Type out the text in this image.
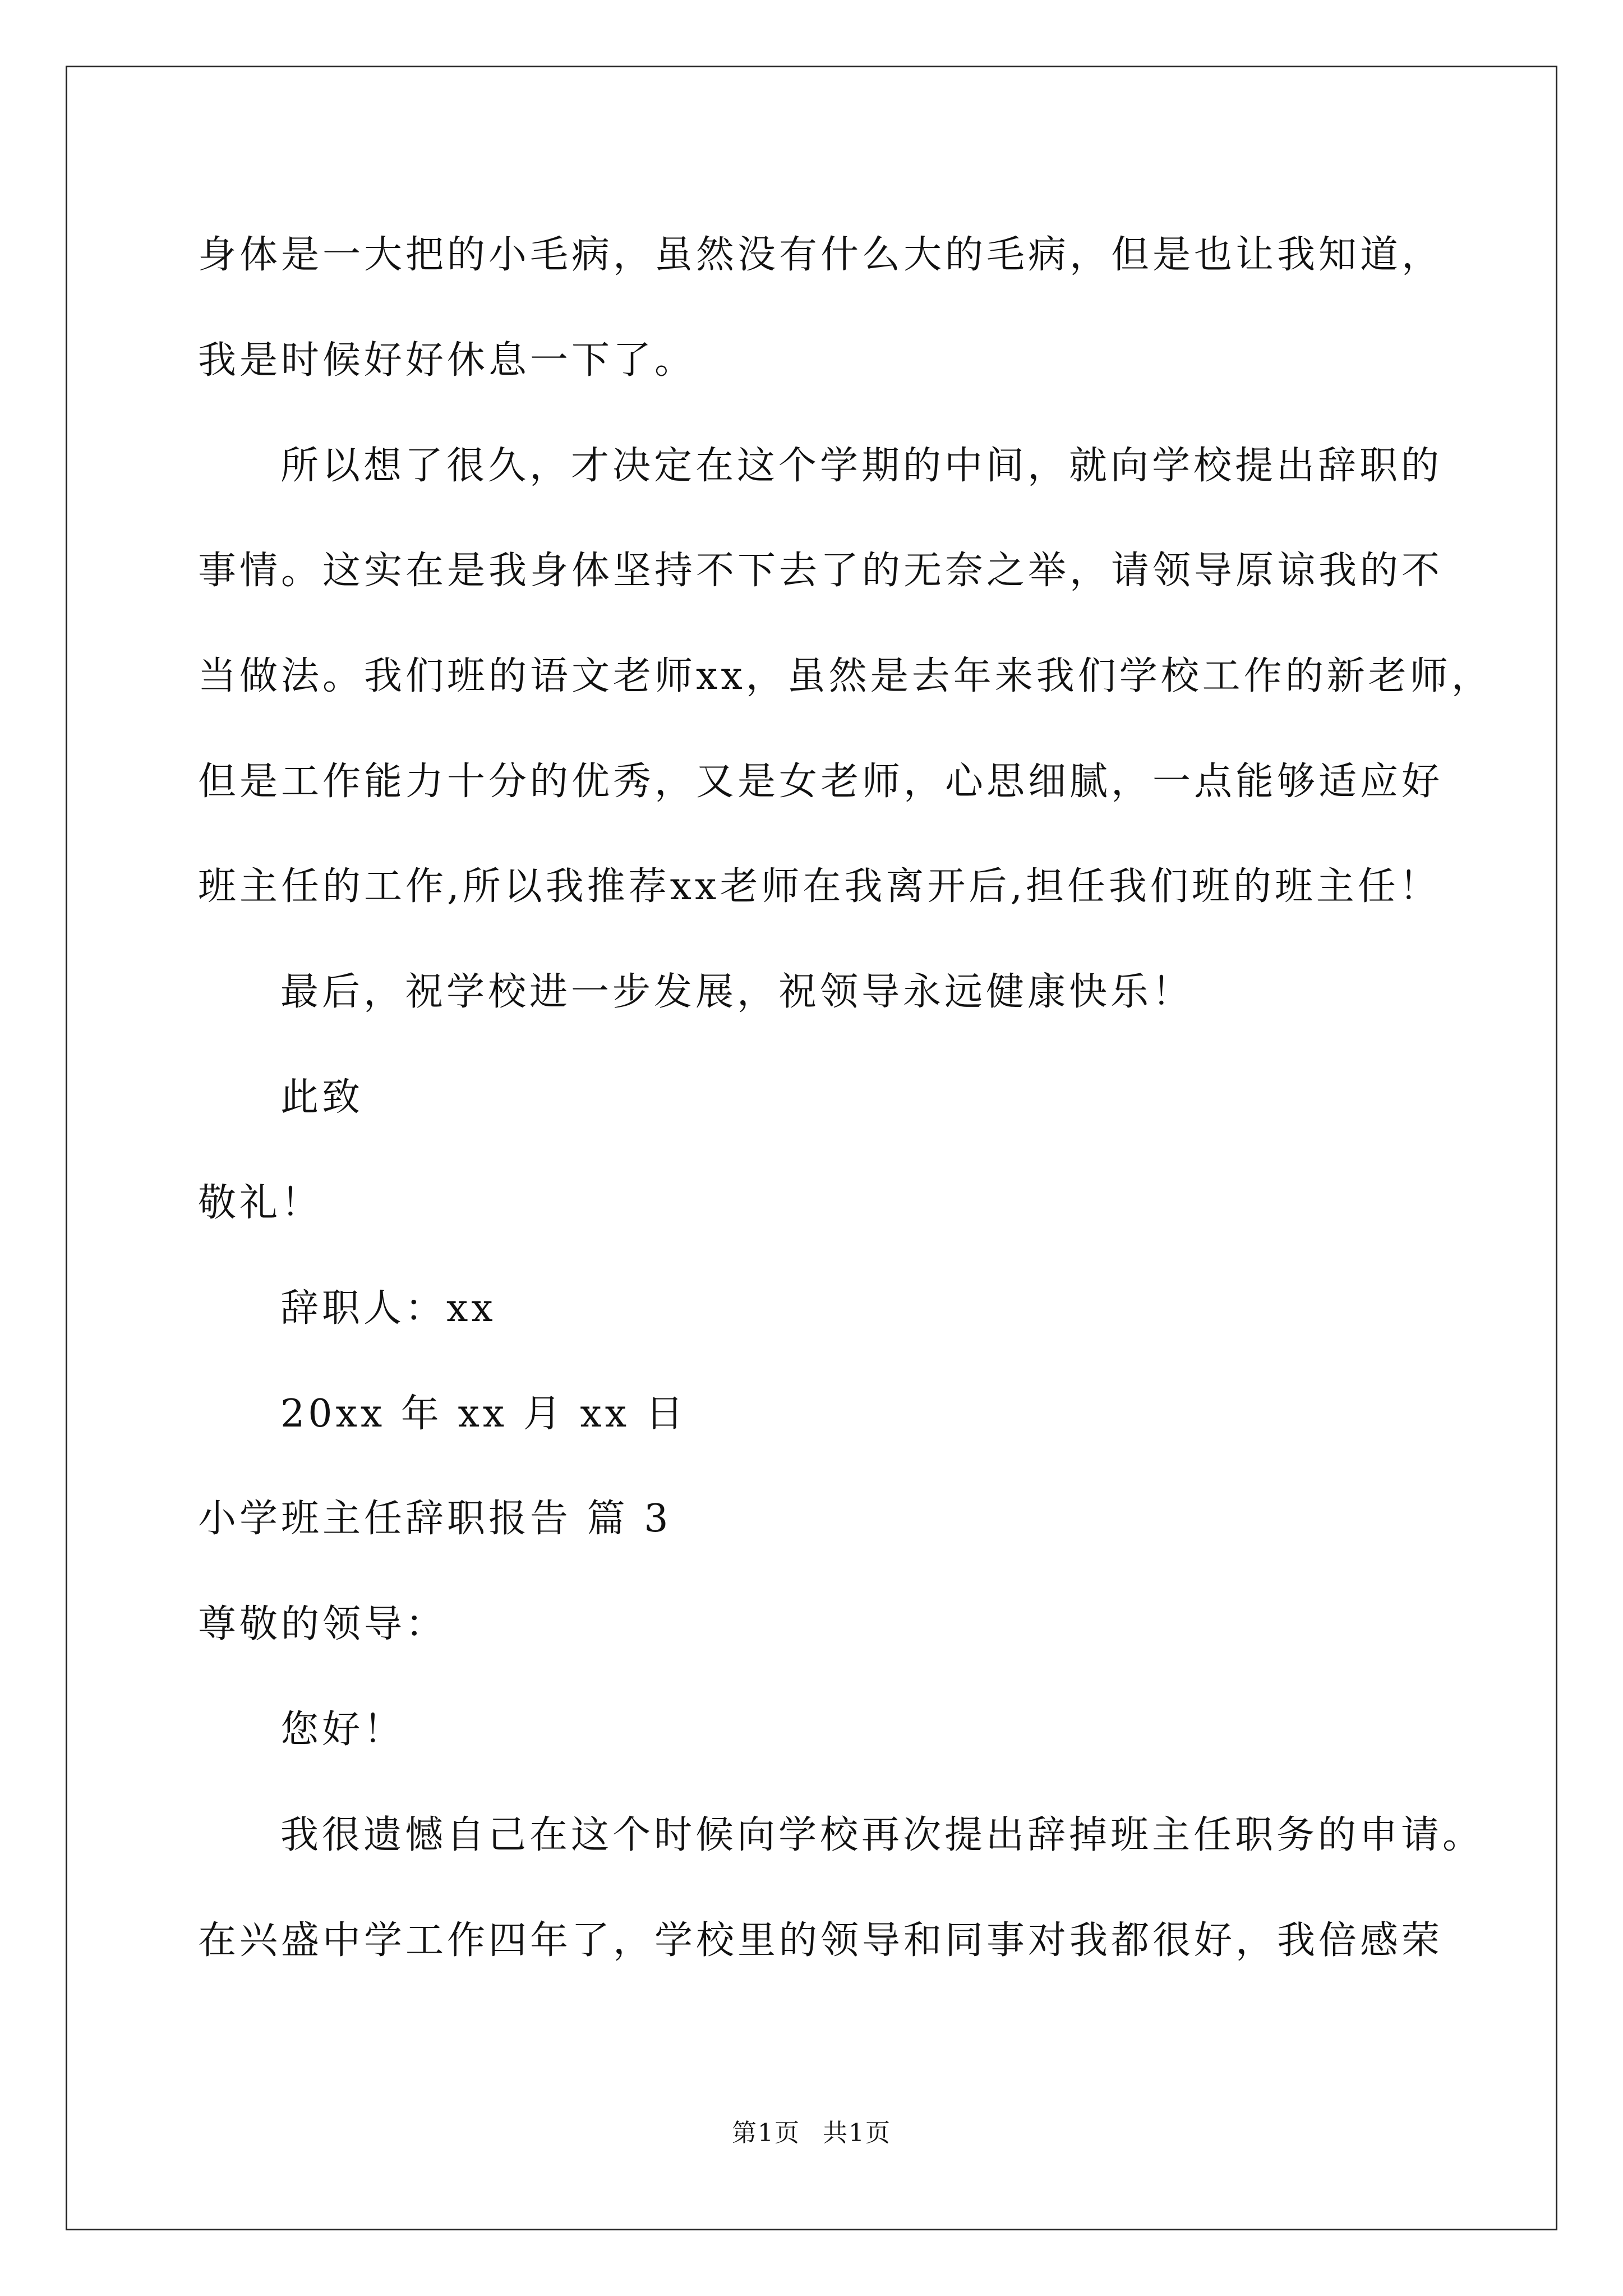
身体是一大把的小毛病，虽然没有什么大的毛病，但是也让我知道，
我是时候好好休息一下了。
所以想了很久，才决定在这个学期的中间，就向学校提出辞职的
事情。这实在是我身体坚持不下去了的无奈之举，请领导原谅我的不
当做法。我们班的语文老师xx，虽然是去年来我们学校工作的新老师，
但是工作能力十分的优秀，又是女老师，心思细腻，一点能够适应好
班主任的工作,所以我推荐xx老师在我离开后,担任我们班的班主任！
最后，祝学校进一步发展，祝领导永远健康快乐！
此致
敬礼！
辞职人：xx
20xx 年 xx 月 xx 日
小学班主任辞职报告 篇 3
尊敬的领导：
您好！
我很遗憾自己在这个时候向学校再次提出辞掉班主任职务的申请。
在兴盛中学工作四年了，学校里的领导和同事对我都很好，我倍感荣
第1页 共1页
